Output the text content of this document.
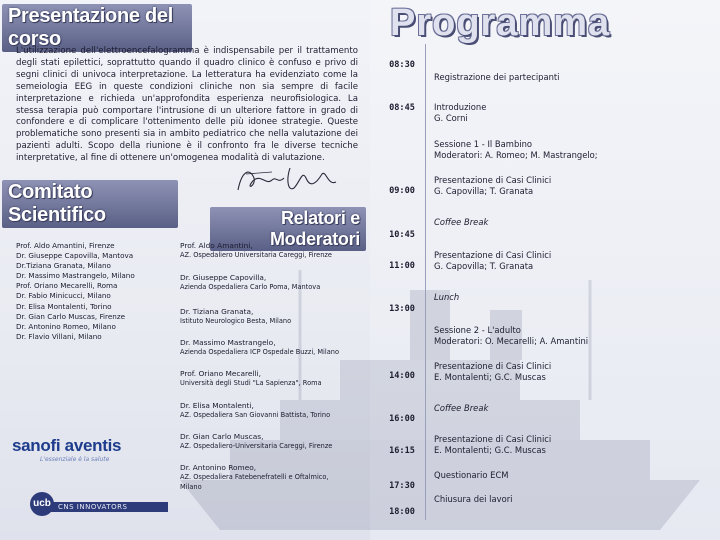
Presentazione del corso	Programma
L'utilizzazione dell'elettroencefalogramma è indispensabile per il trattamento degli stati epilettici, soprattutto quando il quadro clinico è confuso e privo di segni clinici di univoca interpretazione. La letteratura ha evidenziato come la semeiologia EEG in queste condizioni cliniche non sia sempre di facile interpretazione e richieda un'approfondita esperienza neurofisiologica. La stessa terapia può comportare l'intrusione di un ulteriore fattore in grado di confondere e di complicare l'ottenimento delle più idonee strategie. Queste problematiche sono presenti sia in ambito pediatrico che nella valutazione dei pazienti adulti. Scopo della riunione è il confronto fra le diverse tecniche interpretative, al fine di ottenere un'omogenea modalità di valutazione.
Comitato Scientifico	Relatori e Moderatori
Prof. Aldo Amantini, Firenze
Dr. Giuseppe Capovilla, Mantova
Dr.Tiziana Granata, Milano
Dr. Massimo Mastrangelo, Milano
Prof. Oriano Mecarelli, Roma
Dr. Fabio Minicucci, Milano
Dr. Elisa Montalenti, Torino
Dr. Gian Carlo Muscas, Firenze
Dr. Antonino Romeo, Milano
Dr. Flavio Villani, Milano
Prof. Aldo Amantini,
AZ. Ospedaliero Universitaria Careggi, Firenze
Dr. Giuseppe Capovilla,
Azienda Ospedaliera Carlo Poma, Mantova
Dr. Tiziana Granata,
Istituto Neurologico Besta, Milano
Dr. Massimo Mastrangelo,
Azienda Ospedaliera ICP Ospedale Buzzi, Milano
Prof. Oriano Mecarelli,
Università degli Studi "La Sapienza", Roma
Dr. Elisa Montalenti,
AZ. Ospedaliera San Giovanni Battista, Torino
Dr. Gian Carlo Muscas,
AZ. Ospedaliero-Universitaria Careggi, Firenze
Dr. Antonino Romeo,
AZ. Ospedaliera Fatebenefratelli e Oftalmico,
Milano
sanofi aventis
L'essenziale è la salute
CNS INNOVATORS
ucb
08:30
08:45
09:00
10:45
11:00
13:00
14:00
16:00
16:15
17:30
18:00
Registrazione dei partecipanti
Introduzione
G. Corni
Sessione 1 - Il Bambino
Moderatori: A. Romeo; M. Mastrangelo;
Presentazione di Casi Clinici
G. Capovilla; T. Granata
Coffee Break
Presentazione di Casi Clinici
G. Capovilla; T. Granata
Lunch
Sessione 2 - L'adulto
Moderatori: O. Mecarelli; A. Amantini
Presentazione di Casi Clinici
E. Montalenti; G.C. Muscas
Coffee Break
Presentazione di Casi Clinici
E. Montalenti; G.C. Muscas
Questionario ECM
Chiusura dei lavori
